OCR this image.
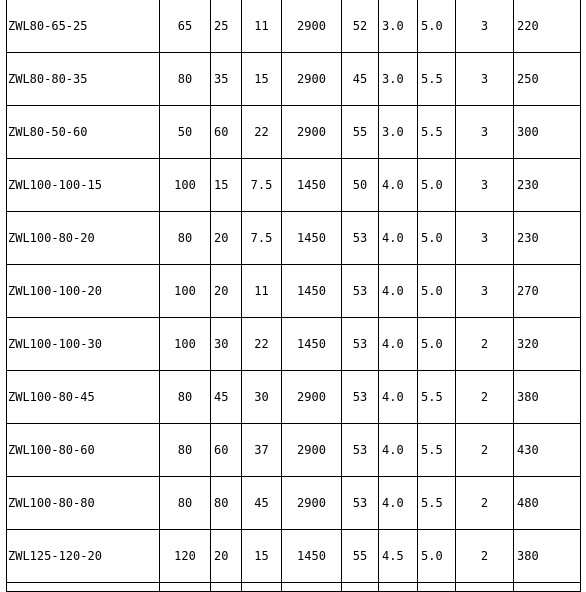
ZWL80-65-25	65	25	11	2900	52	3.0	5.0	3	220
ZWL80-80-35	80	35	15	2900	45	3.0	5.5	3	250
ZWL80-50-60	50	60	22	2900	55	3.0	5.5	3	300
ZWL100-100-15	100	15	7.5	1450	50	4.0	5.0	3	230
ZWL100-80-20	80	20	7.5	1450	53	4.0	5.0	3	230
ZWL100-100-20	100	20	11	1450	53	4.0	5.0	3	270
ZWL100-100-30	100	30	22	1450	53	4.0	5.0	2	320
ZWL100-80-45	80	45	30	2900	53	4.0	5.5	2	380
ZWL100-80-60	80	60	37	2900	53	4.0	5.5	2	430
ZWL100-80-80	80	80	45	2900	53	4.0	5.5	2	480
ZWL125-120-20	120	20	15	1450	55	4.5	5.0	2	380
